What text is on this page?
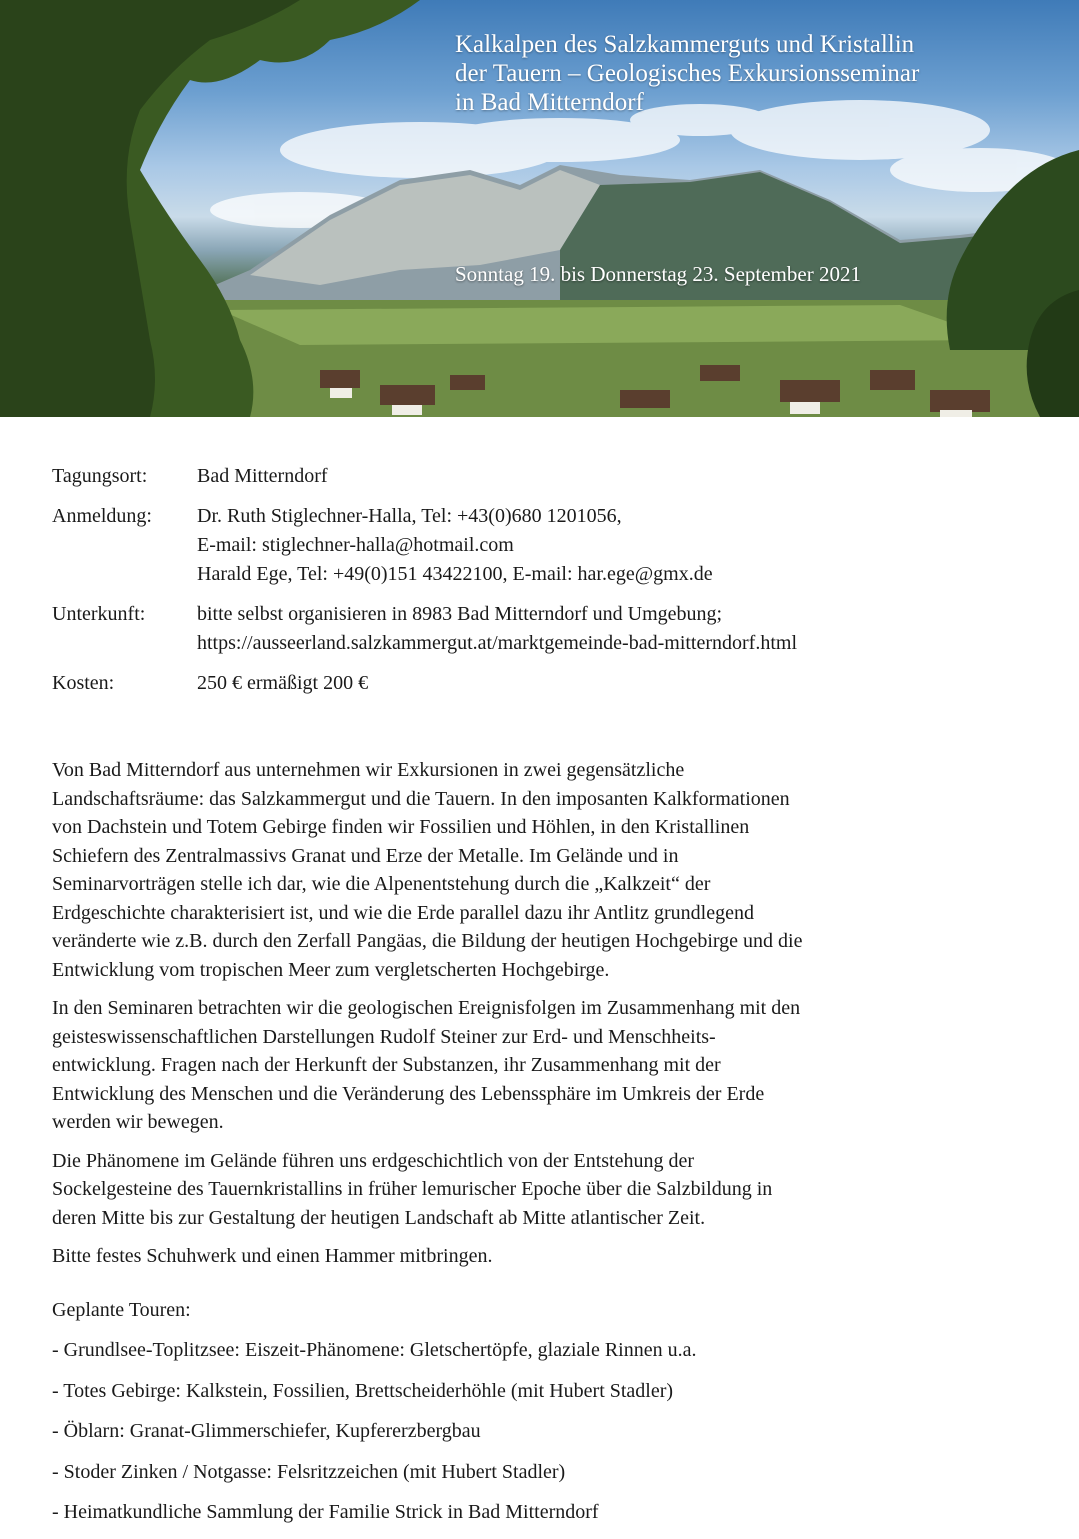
Kalkalpen des Salzkammerguts und Kristallin
der Tauern – Geologisches Exkursionsseminar
in Bad Mitterndorf
Sonntag 19. bis Donnerstag 23. September 2021
Tagungsort: Bad Mitterndorf
Anmeldung: Dr. Ruth Stiglechner-Halla, Tel: +43(0)680 1201056,
E-mail: stiglechner-halla@hotmail.com
Harald Ege, Tel: +49(0)151 43422100, E-mail: har.ege@gmx.de
Unterkunft:	bitte selbst organisieren in 8983 Bad Mitterndorf und Umgebung;
https://ausseerland.salzkammergut.at/marktgemeinde-bad-mitterndorf.html
Kosten:	250 € ermäßigt 200 €

Von Bad Mitterndorf aus unternehmen wir Exkursionen in zwei gegensätzliche
Landschaftsräume: das Salzkammergut und die Tauern. In den imposanten Kalkformationen
von Dachstein und Totem Gebirge finden wir Fossilien und Höhlen, in den Kristallinen
Schiefern des Zentralmassivs Granat und Erze der Metalle. Im Gelände und in
Seminarvorträgen stelle ich dar, wie die Alpenentstehung durch die „Kalkzeit“ der
Erdgeschichte charakterisiert ist, und wie die Erde parallel dazu ihr Antlitz grundlegend
veränderte wie z.B. durch den Zerfall Pangäas, die Bildung der heutigen Hochgebirge und die
Entwicklung vom tropischen Meer zum vergletscherten Hochgebirge.

In den Seminaren betrachten wir die geologischen Ereignisfolgen im Zusammenhang mit den
geisteswissenschaftlichen Darstellungen Rudolf Steiner zur Erd- und Menschheits-
entwicklung. Fragen nach der Herkunft der Substanzen, ihr Zusammenhang mit der
Entwicklung des Menschen und die Veränderung des Lebenssphäre im Umkreis der Erde
werden wir bewegen.

Die Phänomene im Gelände führen uns erdgeschichtlich von der Entstehung der
Sockelgesteine des Tauernkristallins in früher lemurischer Epoche über die Salzbildung in
deren Mitte bis zur Gestaltung der heutigen Landschaft ab Mitte atlantischer Zeit.

Bitte festes Schuhwerk und einen Hammer mitbringen.

Geplante Touren:
- Grundlsee-Toplitzsee: Eiszeit-Phänomene: Gletschertöpfe, glaziale Rinnen u.a.
- Totes Gebirge: Kalkstein, Fossilien, Brettscheiderhöhle (mit Hubert Stadler)
- Öblarn: Granat-Glimmerschiefer, Kupfererzbergbau
- Stoder Zinken / Notgasse: Felsritzzeichen (mit Hubert Stadler)
- Heimatkundliche Sammlung der Familie Strick in Bad Mitterndorf
